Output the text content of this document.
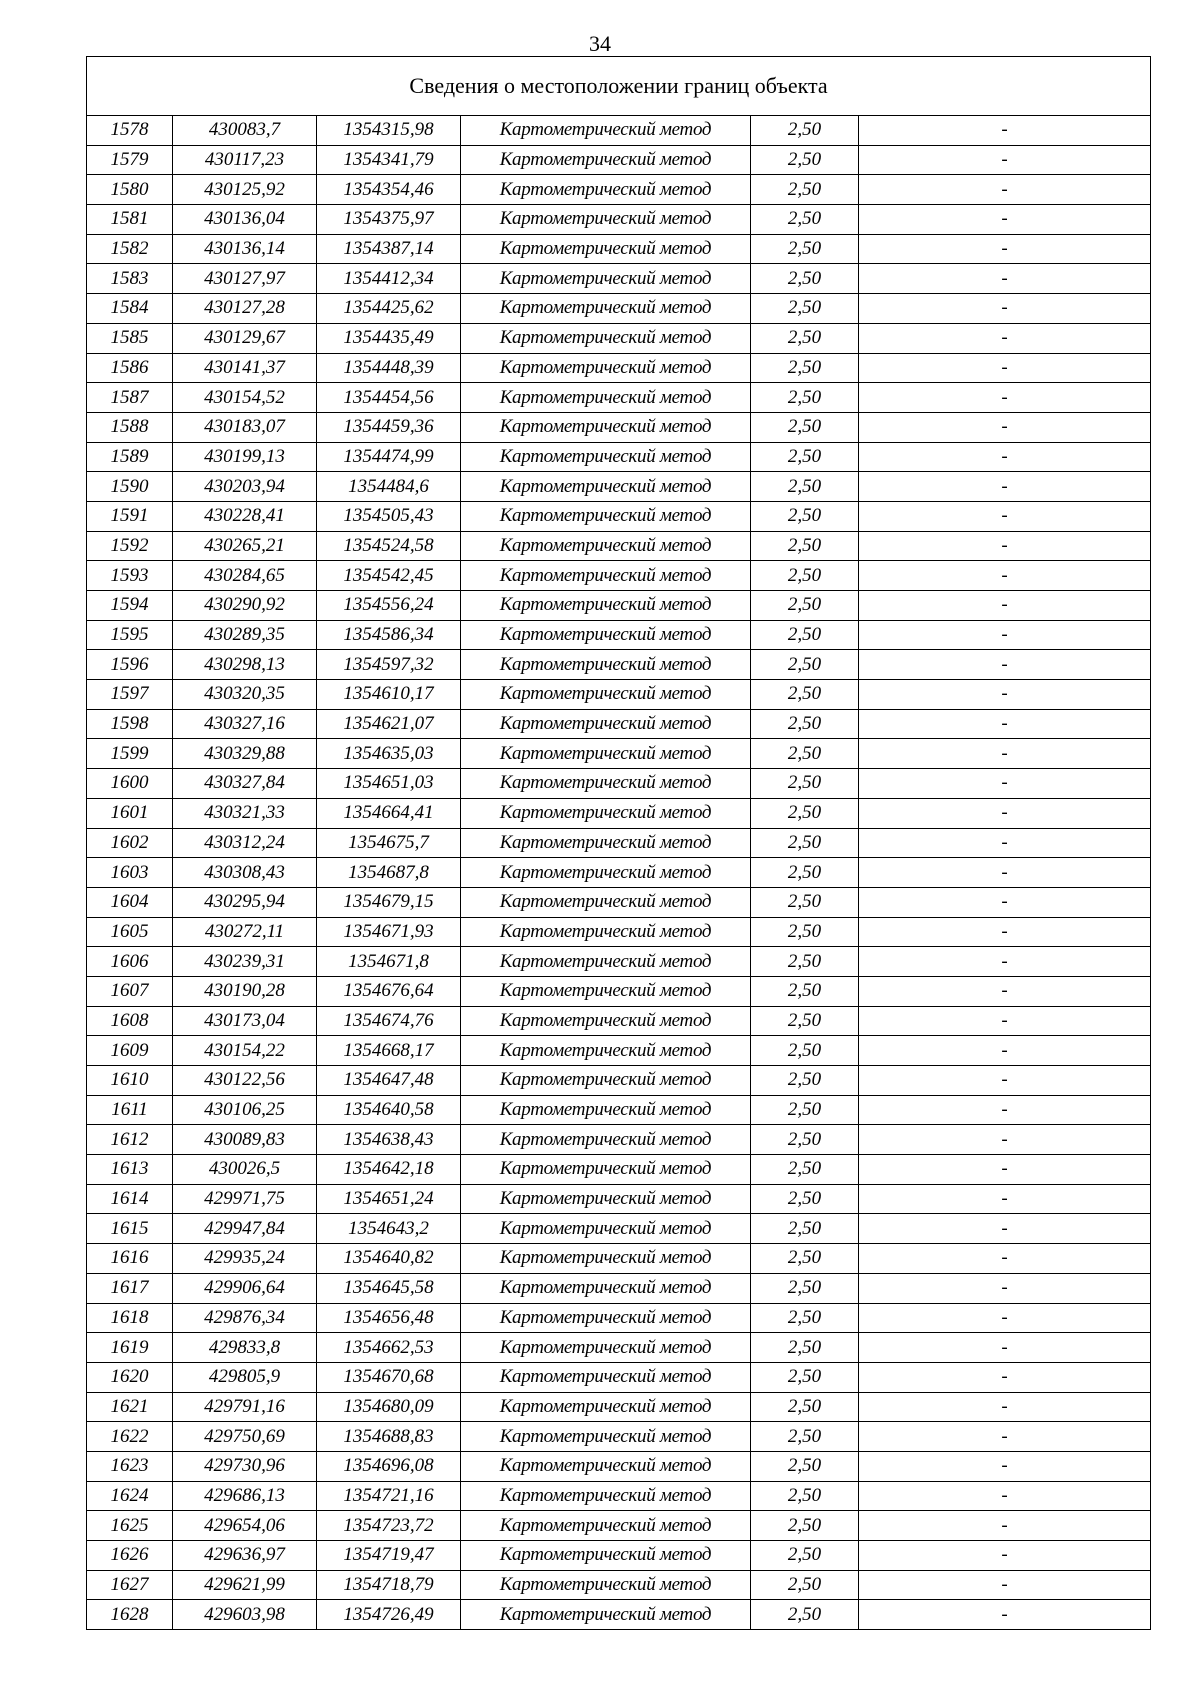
34
Сведения о местоположении границ объекта					
1578	430083,7	1354315,98	Картометрический метод	2,50	-
1579	430117,23	1354341,79	Картометрический метод	2,50	-
1580	430125,92	1354354,46	Картометрический метод	2,50	-
1581	430136,04	1354375,97	Картометрический метод	2,50	-
1582	430136,14	1354387,14	Картометрический метод	2,50	-
1583	430127,97	1354412,34	Картометрический метод	2,50	-
1584	430127,28	1354425,62	Картометрический метод	2,50	-
1585	430129,67	1354435,49	Картометрический метод	2,50	-
1586	430141,37	1354448,39	Картометрический метод	2,50	-
1587	430154,52	1354454,56	Картометрический метод	2,50	-
1588	430183,07	1354459,36	Картометрический метод	2,50	-
1589	430199,13	1354474,99	Картометрический метод	2,50	-
1590	430203,94	1354484,6	Картометрический метод	2,50	-
1591	430228,41	1354505,43	Картометрический метод	2,50	-
1592	430265,21	1354524,58	Картометрический метод	2,50	-
1593	430284,65	1354542,45	Картометрический метод	2,50	-
1594	430290,92	1354556,24	Картометрический метод	2,50	-
1595	430289,35	1354586,34	Картометрический метод	2,50	-
1596	430298,13	1354597,32	Картометрический метод	2,50	-
1597	430320,35	1354610,17	Картометрический метод	2,50	-
1598	430327,16	1354621,07	Картометрический метод	2,50	-
1599	430329,88	1354635,03	Картометрический метод	2,50	-
1600	430327,84	1354651,03	Картометрический метод	2,50	-
1601	430321,33	1354664,41	Картометрический метод	2,50	-
1602	430312,24	1354675,7	Картометрический метод	2,50	-
1603	430308,43	1354687,8	Картометрический метод	2,50	-
1604	430295,94	1354679,15	Картометрический метод	2,50	-
1605	430272,11	1354671,93	Картометрический метод	2,50	-
1606	430239,31	1354671,8	Картометрический метод	2,50	-
1607	430190,28	1354676,64	Картометрический метод	2,50	-
1608	430173,04	1354674,76	Картометрический метод	2,50	-
1609	430154,22	1354668,17	Картометрический метод	2,50	-
1610	430122,56	1354647,48	Картометрический метод	2,50	-
1611	430106,25	1354640,58	Картометрический метод	2,50	-
1612	430089,83	1354638,43	Картометрический метод	2,50	-
1613	430026,5	1354642,18	Картометрический метод	2,50	-
1614	429971,75	1354651,24	Картометрический метод	2,50	-
1615	429947,84	1354643,2	Картометрический метод	2,50	-
1616	429935,24	1354640,82	Картометрический метод	2,50	-
1617	429906,64	1354645,58	Картометрический метод	2,50	-
1618	429876,34	1354656,48	Картометрический метод	2,50	-
1619	429833,8	1354662,53	Картометрический метод	2,50	-
1620	429805,9	1354670,68	Картометрический метод	2,50	-
1621	429791,16	1354680,09	Картометрический метод	2,50	-
1622	429750,69	1354688,83	Картометрический метод	2,50	-
1623	429730,96	1354696,08	Картометрический метод	2,50	-
1624	429686,13	1354721,16	Картометрический метод	2,50	-
1625	429654,06	1354723,72	Картометрический метод	2,50	-
1626	429636,97	1354719,47	Картометрический метод	2,50	-
1627	429621,99	1354718,79	Картометрический метод	2,50	-
1628	429603,98	1354726,49	Картометрический метод	2,50	-
